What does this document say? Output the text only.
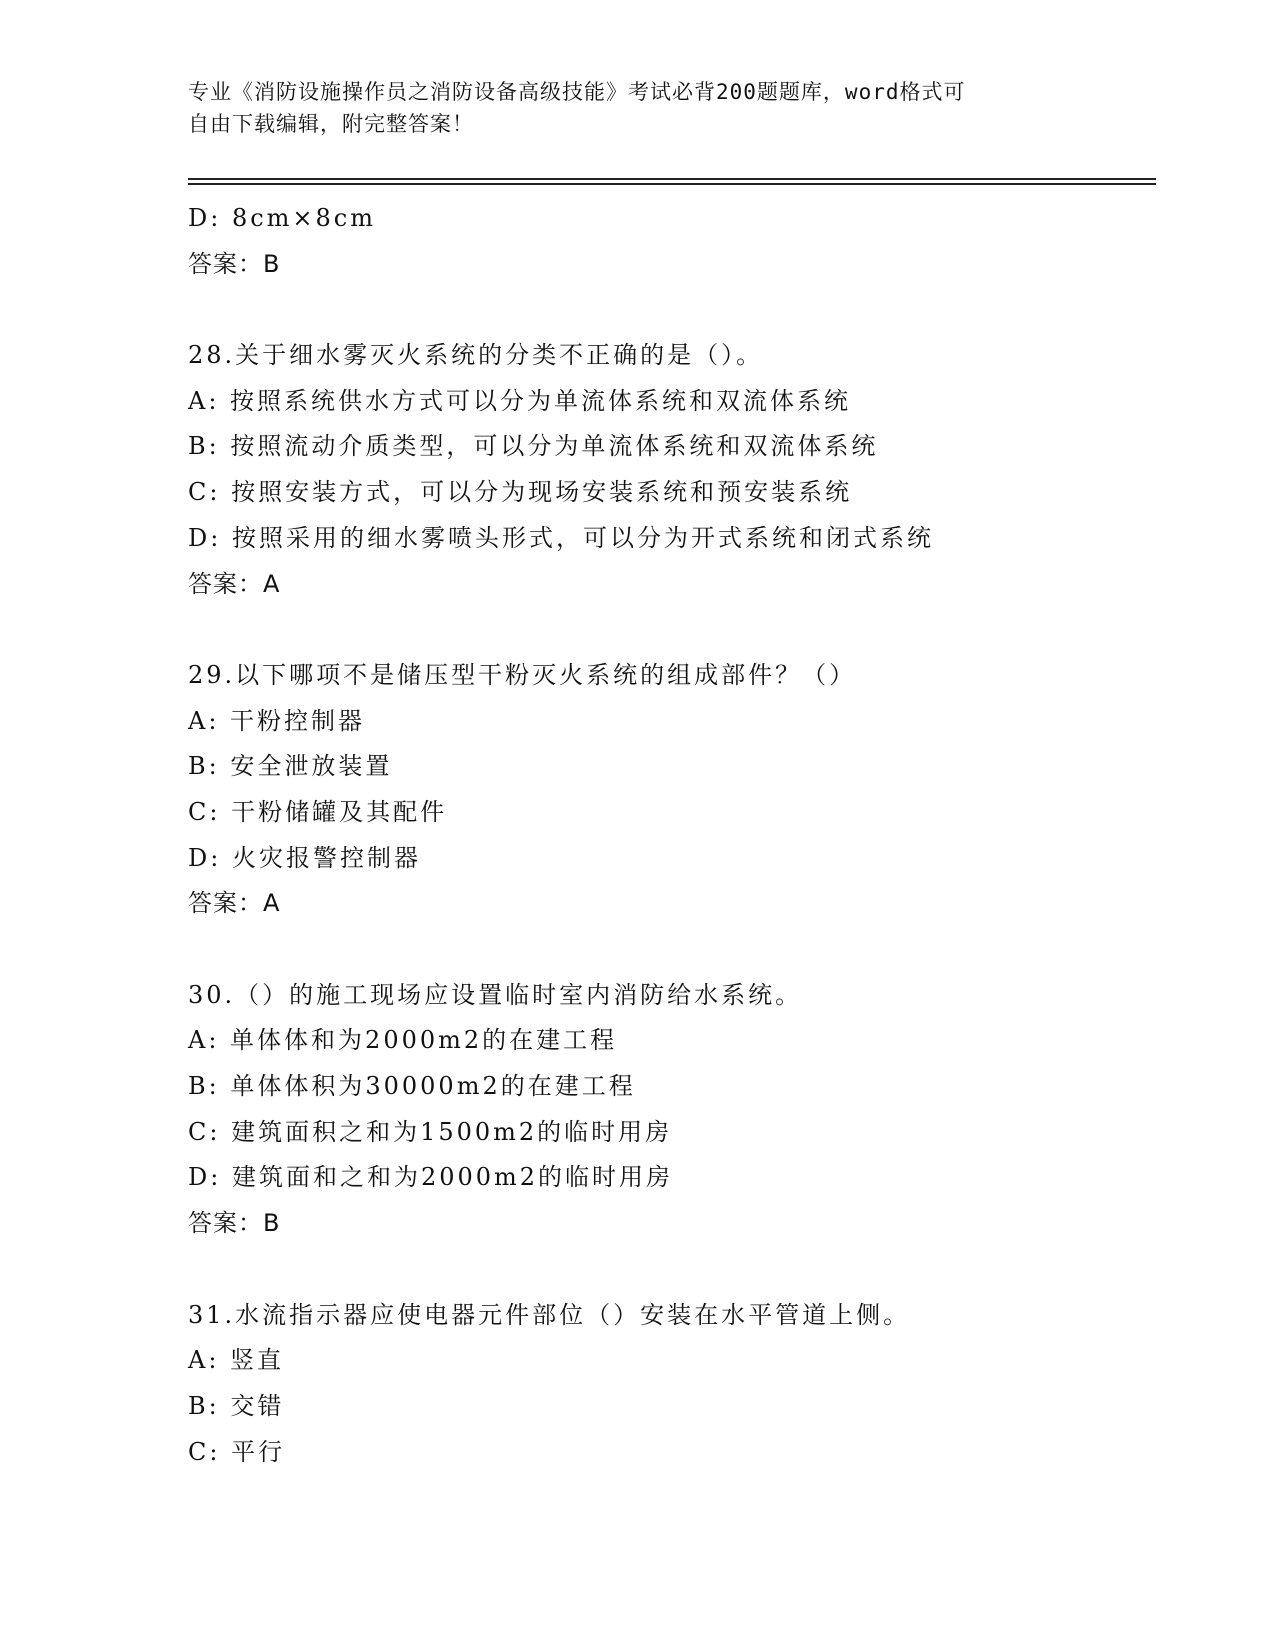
专业《消防设施操作员之消防设备高级技能》考试必背200题题库，word格式可
自由下载编辑，附完整答案！
D: 8cm×8cm
答案：B
28.关于细水雾灭火系统的分类不正确的是（）。
A: 按照系统供水方式可以分为单流体系统和双流体系统
B: 按照流动介质类型，可以分为单流体系统和双流体系统
C: 按照安装方式，可以分为现场安装系统和预安装系统
D: 按照采用的细水雾喷头形式，可以分为开式系统和闭式系统
答案：A
29.以下哪项不是储压型干粉灭火系统的组成部件？（）
A: 干粉控制器
B: 安全泄放装置
C: 干粉储罐及其配件
D: 火灾报警控制器
答案：A
30.（）的施工现场应设置临时室内消防给水系统。
A: 单体体和为2000m2的在建工程
B: 单体体积为30000m2的在建工程
C: 建筑面积之和为1500m2的临时用房
D: 建筑面和之和为2000m2的临时用房
答案：B
31.水流指示器应使电器元件部位（）安装在水平管道上侧。
A: 竖直
B: 交错
C: 平行
